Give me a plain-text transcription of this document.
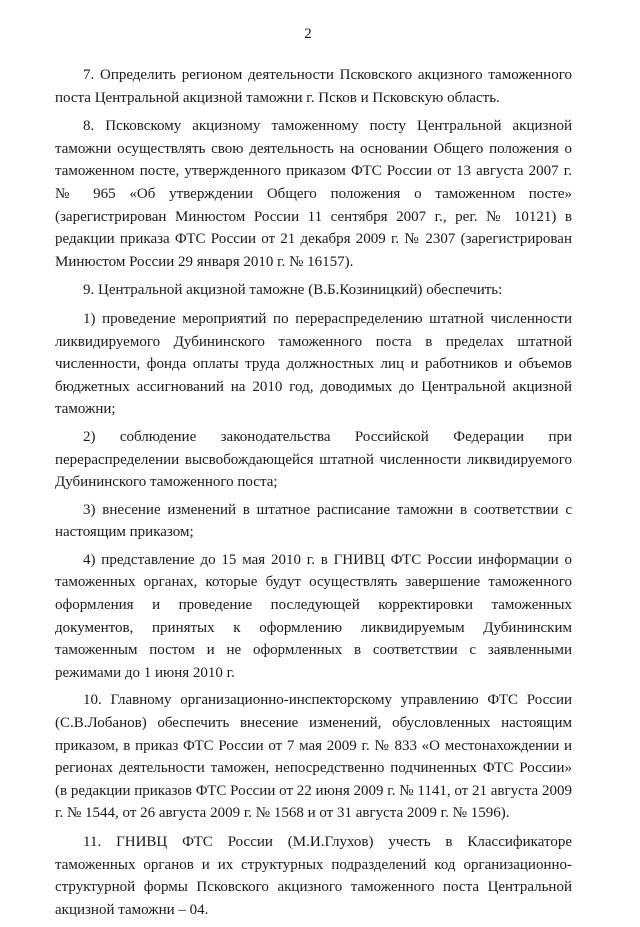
2

7. Определить регионом деятельности Псковского акцизного таможенного поста Центральной акцизной таможни г. Псков и Псковскую область.

8. Псковскому акцизному таможенному посту Центральной акцизной таможни осуществлять свою деятельность на основании Общего положения о таможенном посте, утвержденного приказом ФТС России от 13 августа 2007 г. № 965 «Об утверждении Общего положения о таможенном посте» (зарегистрирован Минюстом России 11 сентября 2007 г., рег. № 10121) в редакции приказа ФТС России от 21 декабря 2009 г. № 2307 (зарегистрирован Минюстом России 29 января 2010 г. № 16157).

9. Центральной акцизной таможне (В.Б.Козиницкий) обеспечить:

1) проведение мероприятий по перераспределению штатной численности ликвидируемого Дубининского таможенного поста в пределах штатной численности, фонда оплаты труда должностных лиц и работников и объемов бюджетных ассигнований на 2010 год, доводимых до Центральной акцизной таможни;

2) соблюдение законодательства Российской Федерации при перераспределении высвобождающейся штатной численности ликвидируемого Дубининского таможенного поста;

3) внесение изменений в штатное расписание таможни в соответствии с настоящим приказом;

4) представление до 15 мая 2010 г. в ГНИВЦ ФТС России информации о таможенных органах, которые будут осуществлять завершение таможенного оформления и проведение последующей корректировки таможенных документов, принятых к оформлению ликвидируемым Дубининским таможенным постом и не оформленных в соответствии с заявленными режимами до 1 июня 2010 г.

10. Главному организационно-инспекторскому управлению ФТС России (С.В.Лобанов) обеспечить внесение изменений, обусловленных настоящим приказом, в приказ ФТС России от 7 мая 2009 г. № 833 «О местонахождении и регионах деятельности таможен, непосредственно подчиненных ФТС России» (в редакции приказов ФТС России от 22 июня 2009 г. № 1141, от 21 августа 2009 г. № 1544, от 26 августа 2009 г. № 1568 и от 31 августа 2009 г. № 1596).

11. ГНИВЦ ФТС России (М.И.Глухов) учесть в Классификаторе таможенных органов и их структурных подразделений код организационно-структурной формы Псковского акцизного таможенного поста Центральной акцизной таможни – 04.
